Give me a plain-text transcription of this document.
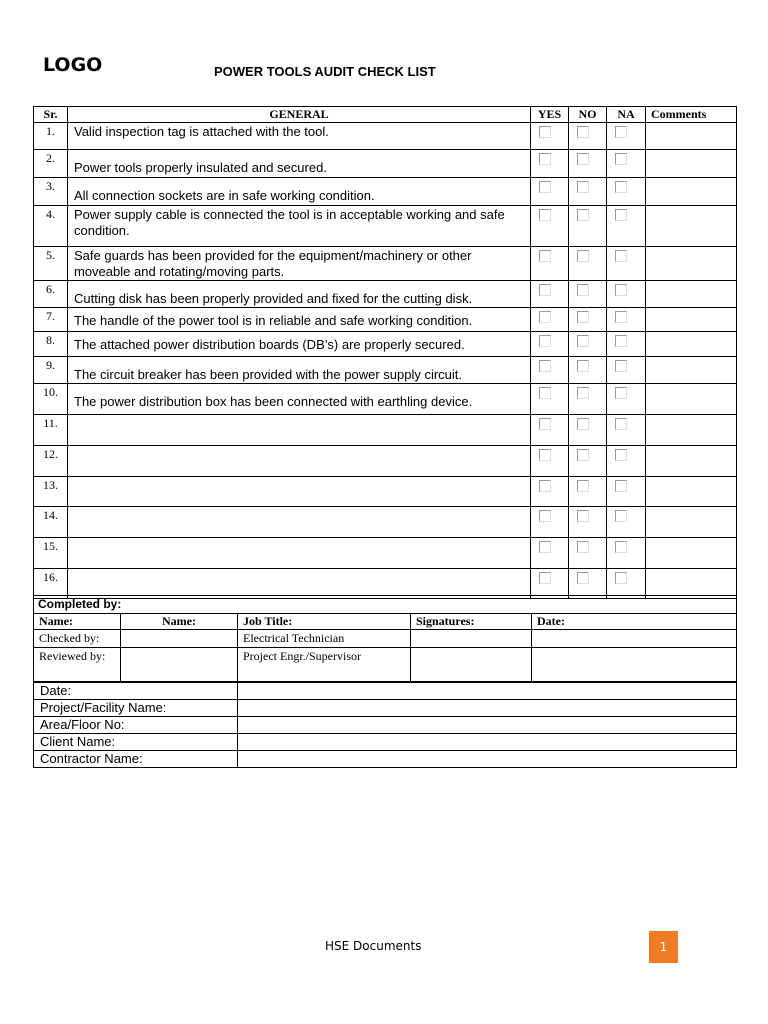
LOGO	POWER TOOLS AUDIT CHECK LIST
Sr.	GENERAL	YES	NO	NA	Comments
1.	Valid inspection tag is attached with the tool.				
2.	Power tools properly insulated and secured.				
3.	All connection sockets are in safe working condition.				
4.	Power supply cable is connected the tool is in acceptable working and safe condition.				
5.	Safe guards has been provided for the equipment/machinery or other moveable and rotating/moving parts.				
6.	Cutting disk has been properly provided and fixed for the cutting disk.				
7.	The handle of the power tool is in reliable and safe working condition.				
8.	The attached power distribution boards (DB’s) are properly secured.				
9.	The circuit breaker has been provided with the power supply circuit.				
10.	The power distribution box has been connected with earthling device.				
11.					
12.					
13.					
14.					
15.					
16.					
Completed by:				
Name:	Name:	Job Title:	Signatures:	Date:
Checked by:		Electrical Technician		
Reviewed by:		Project Engr./Supervisor		
Date:	
Project/Facility Name:	
Area/Floor No:	
Client Name:	
Contractor Name:	
HSE Documents	1
